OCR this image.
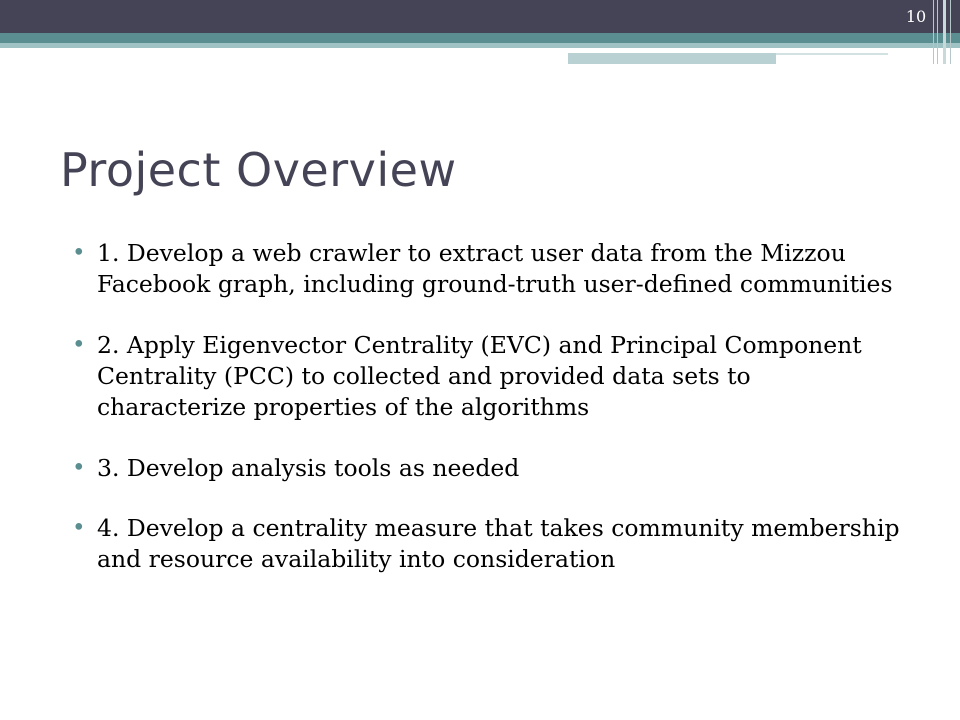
10
Project Overview
• 1. Develop a web crawler to extract user data from the Mizzou Facebook graph, including ground-truth user-defined communities
• 2. Apply Eigenvector Centrality (EVC) and Principal Component Centrality (PCC) to collected and provided data sets to characterize properties of the algorithms
• 3. Develop analysis tools as needed
• 4. Develop a centrality measure that takes community membership and resource availability into consideration
